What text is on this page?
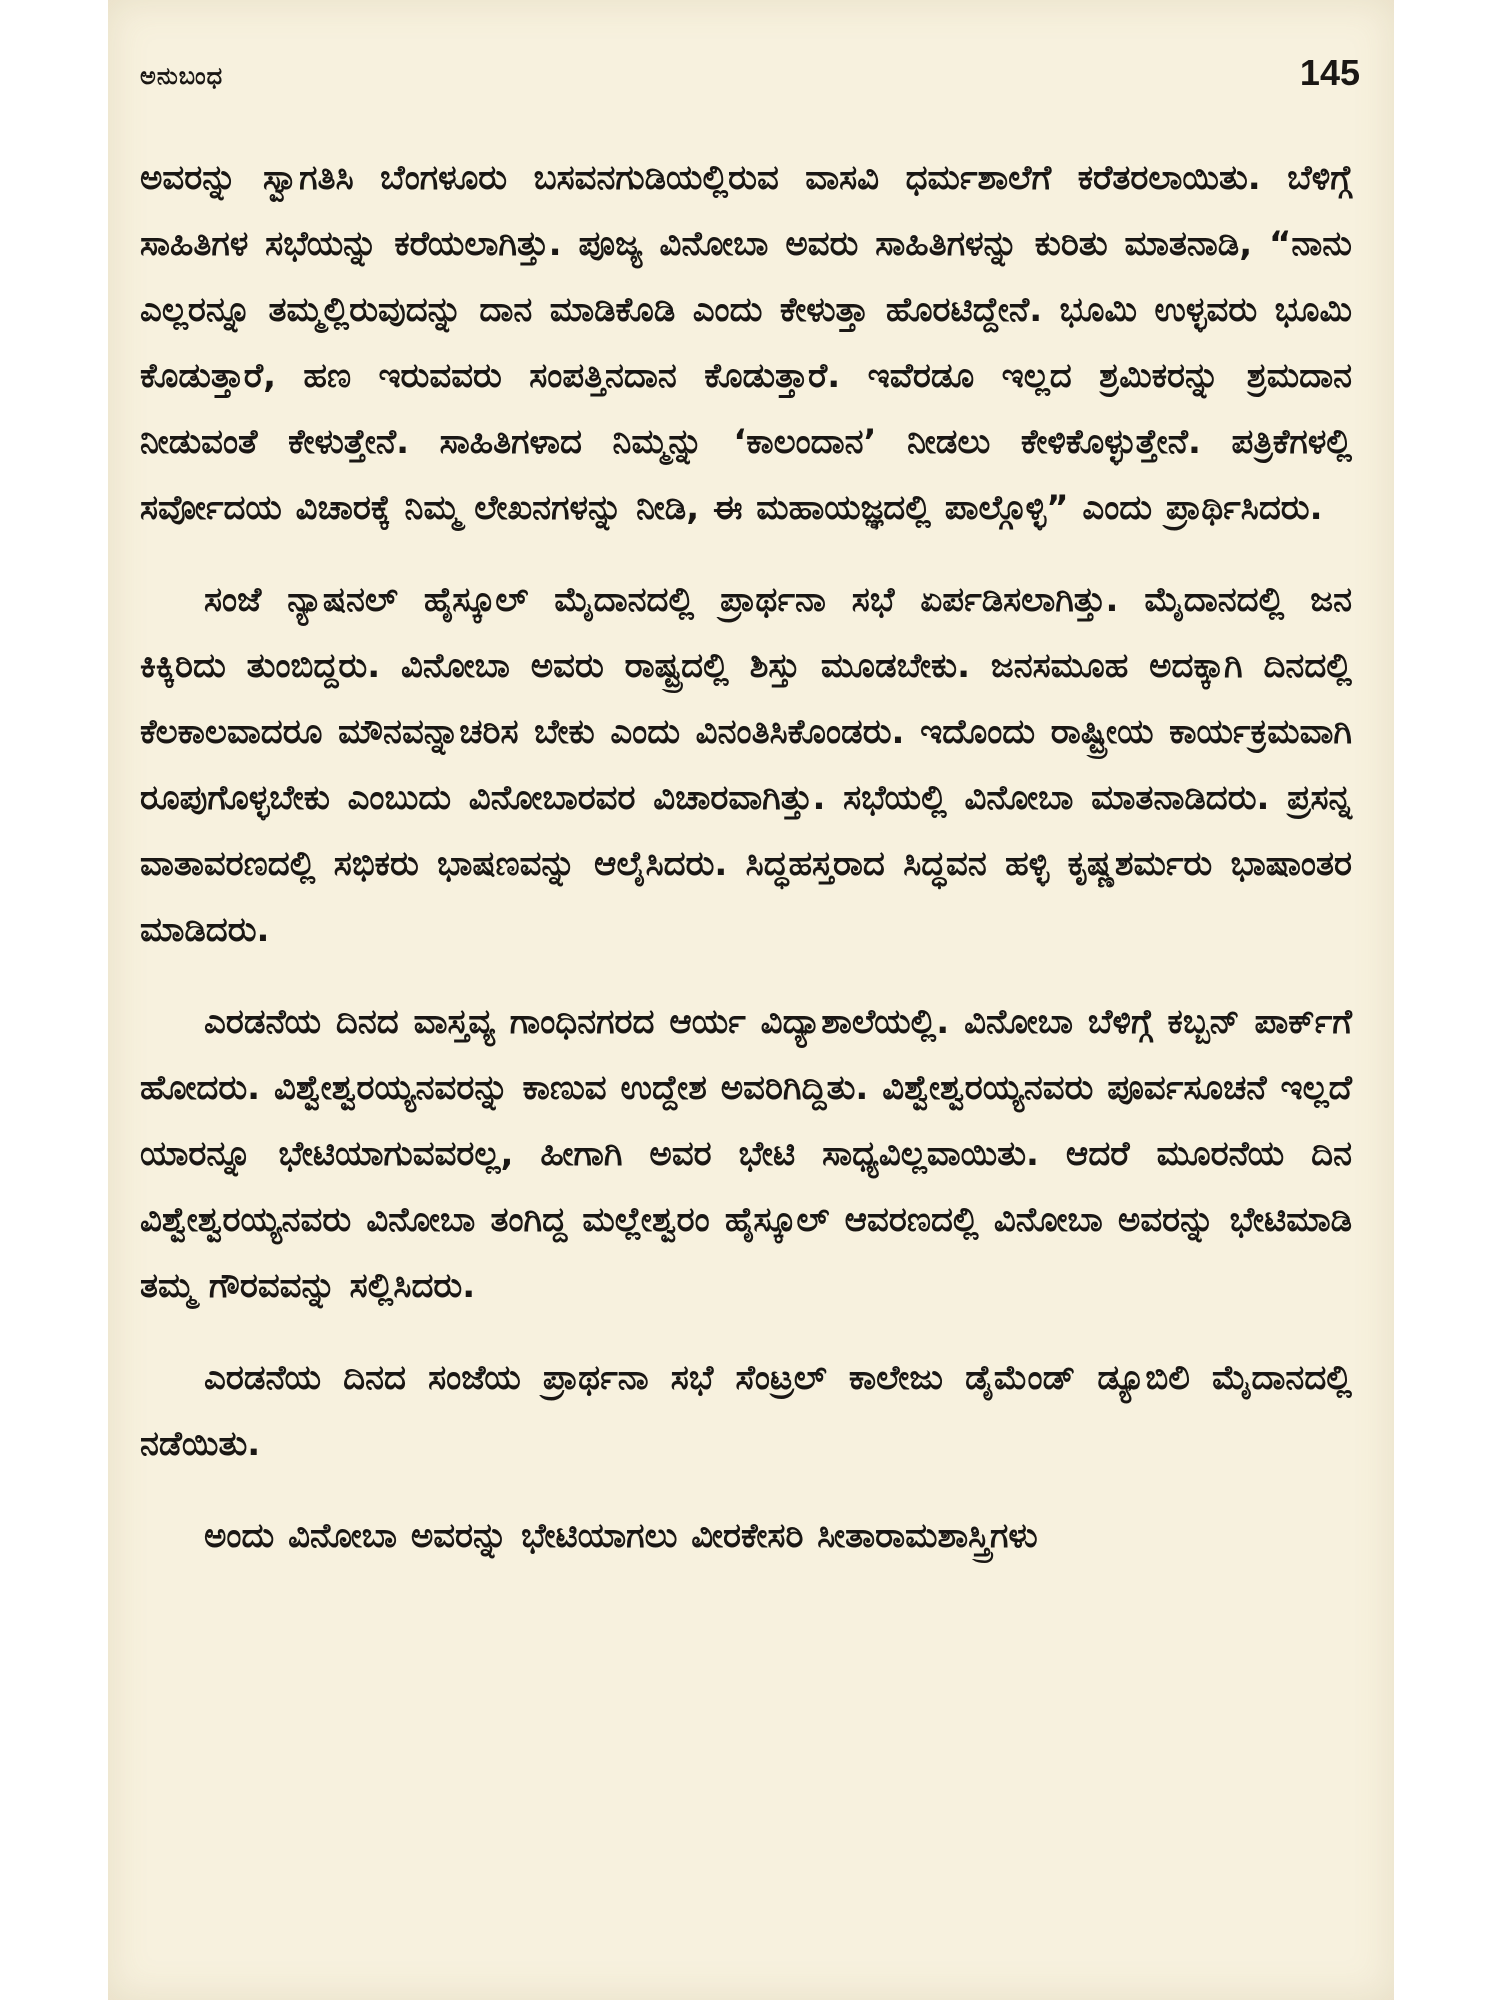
ಅನುಬಂಧ	145

ಅವರನ್ನು ಸ್ವಾಗತಿಸಿ ಬೆಂಗಳೂರು ಬಸವನಗುಡಿಯಲ್ಲಿರುವ ವಾಸವಿ ಧರ್ಮಶಾಲೆಗೆ ಕರೆತರಲಾಯಿತು. ಬೆಳಿಗ್ಗೆ ಸಾಹಿತಿಗಳ ಸಭೆಯನ್ನು ಕರೆಯಲಾಗಿತ್ತು. ಪೂಜ್ಯ ವಿನೋಬಾ ಅವರು ಸಾಹಿತಿಗಳನ್ನು ಕುರಿತು ಮಾತನಾಡಿ, “ನಾನು ಎಲ್ಲರನ್ನೂ ತಮ್ಮಲ್ಲಿರುವುದನ್ನು ದಾನ ಮಾಡಿಕೊಡಿ ಎಂದು ಕೇಳುತ್ತಾ ಹೊರಟಿದ್ದೇನೆ. ಭೂಮಿ ಉಳ್ಳವರು ಭೂಮಿ ಕೊಡುತ್ತಾರೆ, ಹಣ ಇರುವವರು ಸಂಪತ್ತಿನದಾನ ಕೊಡುತ್ತಾರೆ. ಇವೆರಡೂ ಇಲ್ಲದ ಶ್ರಮಿಕರನ್ನು ಶ್ರಮದಾನ ನೀಡುವಂತೆ ಕೇಳುತ್ತೇನೆ. ಸಾಹಿತಿಗಳಾದ ನಿಮ್ಮನ್ನು ‘ಕಾಲಂದಾನ’ ನೀಡಲು ಕೇಳಿಕೊಳ್ಳುತ್ತೇನೆ. ಪತ್ರಿಕೆಗಳಲ್ಲಿ ಸರ್ವೋದಯ ವಿಚಾರಕ್ಕೆ ನಿಮ್ಮ ಲೇಖನಗಳನ್ನು ನೀಡಿ, ಈ ಮಹಾಯಜ್ಞದಲ್ಲಿ ಪಾಲ್ಗೊಳ್ಳಿ” ಎಂದು ಪ್ರಾರ್ಥಿಸಿದರು.

ಸಂಜೆ ನ್ಯಾಷನಲ್ ಹೈಸ್ಕೂಲ್ ಮೈದಾನದಲ್ಲಿ ಪ್ರಾರ್ಥನಾ ಸಭೆ ಏರ್ಪಡಿಸಲಾಗಿತ್ತು. ಮೈದಾನದಲ್ಲಿ ಜನ ಕಿಕ್ಕಿರಿದು ತುಂಬಿದ್ದರು. ವಿನೋಬಾ ಅವರು ರಾಷ್ಟ್ರದಲ್ಲಿ ಶಿಸ್ತು ಮೂಡಬೇಕು. ಜನಸಮೂಹ ಅದಕ್ಕಾಗಿ ದಿನದಲ್ಲಿ ಕೆಲಕಾಲವಾದರೂ ಮೌನವನ್ನಾಚರಿಸ ಬೇಕು ಎಂದು ವಿನಂತಿಸಿಕೊಂಡರು. ಇದೊಂದು ರಾಷ್ಟ್ರೀಯ ಕಾರ್ಯಕ್ರಮವಾಗಿ ರೂಪುಗೊಳ್ಳಬೇಕು ಎಂಬುದು ವಿನೋಬಾರವರ ವಿಚಾರವಾಗಿತ್ತು. ಸಭೆಯಲ್ಲಿ ವಿನೋಬಾ ಮಾತನಾಡಿದರು. ಪ್ರಸನ್ನ ವಾತಾವರಣದಲ್ಲಿ ಸಭಿಕರು ಭಾಷಣವನ್ನು ಆಲೈಸಿದರು. ಸಿದ್ಧಹಸ್ತರಾದ ಸಿದ್ಧವನ ಹಳ್ಳಿ ಕೃಷ್ಣಶರ್ಮರು ಭಾಷಾಂತರ ಮಾಡಿದರು.

ಎರಡನೆಯ ದಿನದ ವಾಸ್ತವ್ಯ ಗಾಂಧಿನಗರದ ಆರ್ಯ ವಿದ್ಯಾಶಾಲೆಯಲ್ಲಿ. ವಿನೋಬಾ ಬೆಳಿಗ್ಗೆ ಕಬ್ಬನ್ ಪಾರ್ಕ್‌ಗೆ ಹೋದರು. ವಿಶ್ವೇಶ್ವರಯ್ಯನವರನ್ನು ಕಾಣುವ ಉದ್ದೇಶ ಅವರಿಗಿದ್ದಿತು. ವಿಶ್ವೇಶ್ವರಯ್ಯನವರು ಪೂರ್ವಸೂಚನೆ ಇಲ್ಲದೆ ಯಾರನ್ನೂ ಭೇಟಿಯಾಗುವವರಲ್ಲ, ಹೀಗಾಗಿ ಅವರ ಭೇಟಿ ಸಾಧ್ಯವಿಲ್ಲವಾಯಿತು. ಆದರೆ ಮೂರನೆಯ ದಿನ ವಿಶ್ವೇಶ್ವರಯ್ಯನವರು ವಿನೋಬಾ ತಂಗಿದ್ದ ಮಲ್ಲೇಶ್ವರಂ ಹೈಸ್ಕೂಲ್ ಆವರಣದಲ್ಲಿ ವಿನೋಬಾ ಅವರನ್ನು ಭೇಟಿಮಾಡಿ ತಮ್ಮ ಗೌರವವನ್ನು ಸಲ್ಲಿಸಿದರು.

ಎರಡನೆಯ ದಿನದ ಸಂಜೆಯ ಪ್ರಾರ್ಥನಾ ಸಭೆ ಸೆಂಟ್ರಲ್ ಕಾಲೇಜು ಡೈಮೆಂಡ್ ಡ್ಯೂಬಿಲಿ ಮೈದಾನದಲ್ಲಿ ನಡೆಯಿತು.

ಅಂದು ವಿನೋಬಾ ಅವರನ್ನು ಭೇಟಿಯಾಗಲು ವೀರಕೇಸರಿ ಸೀತಾರಾಮಶಾಸ್ತ್ರಿಗಳು
